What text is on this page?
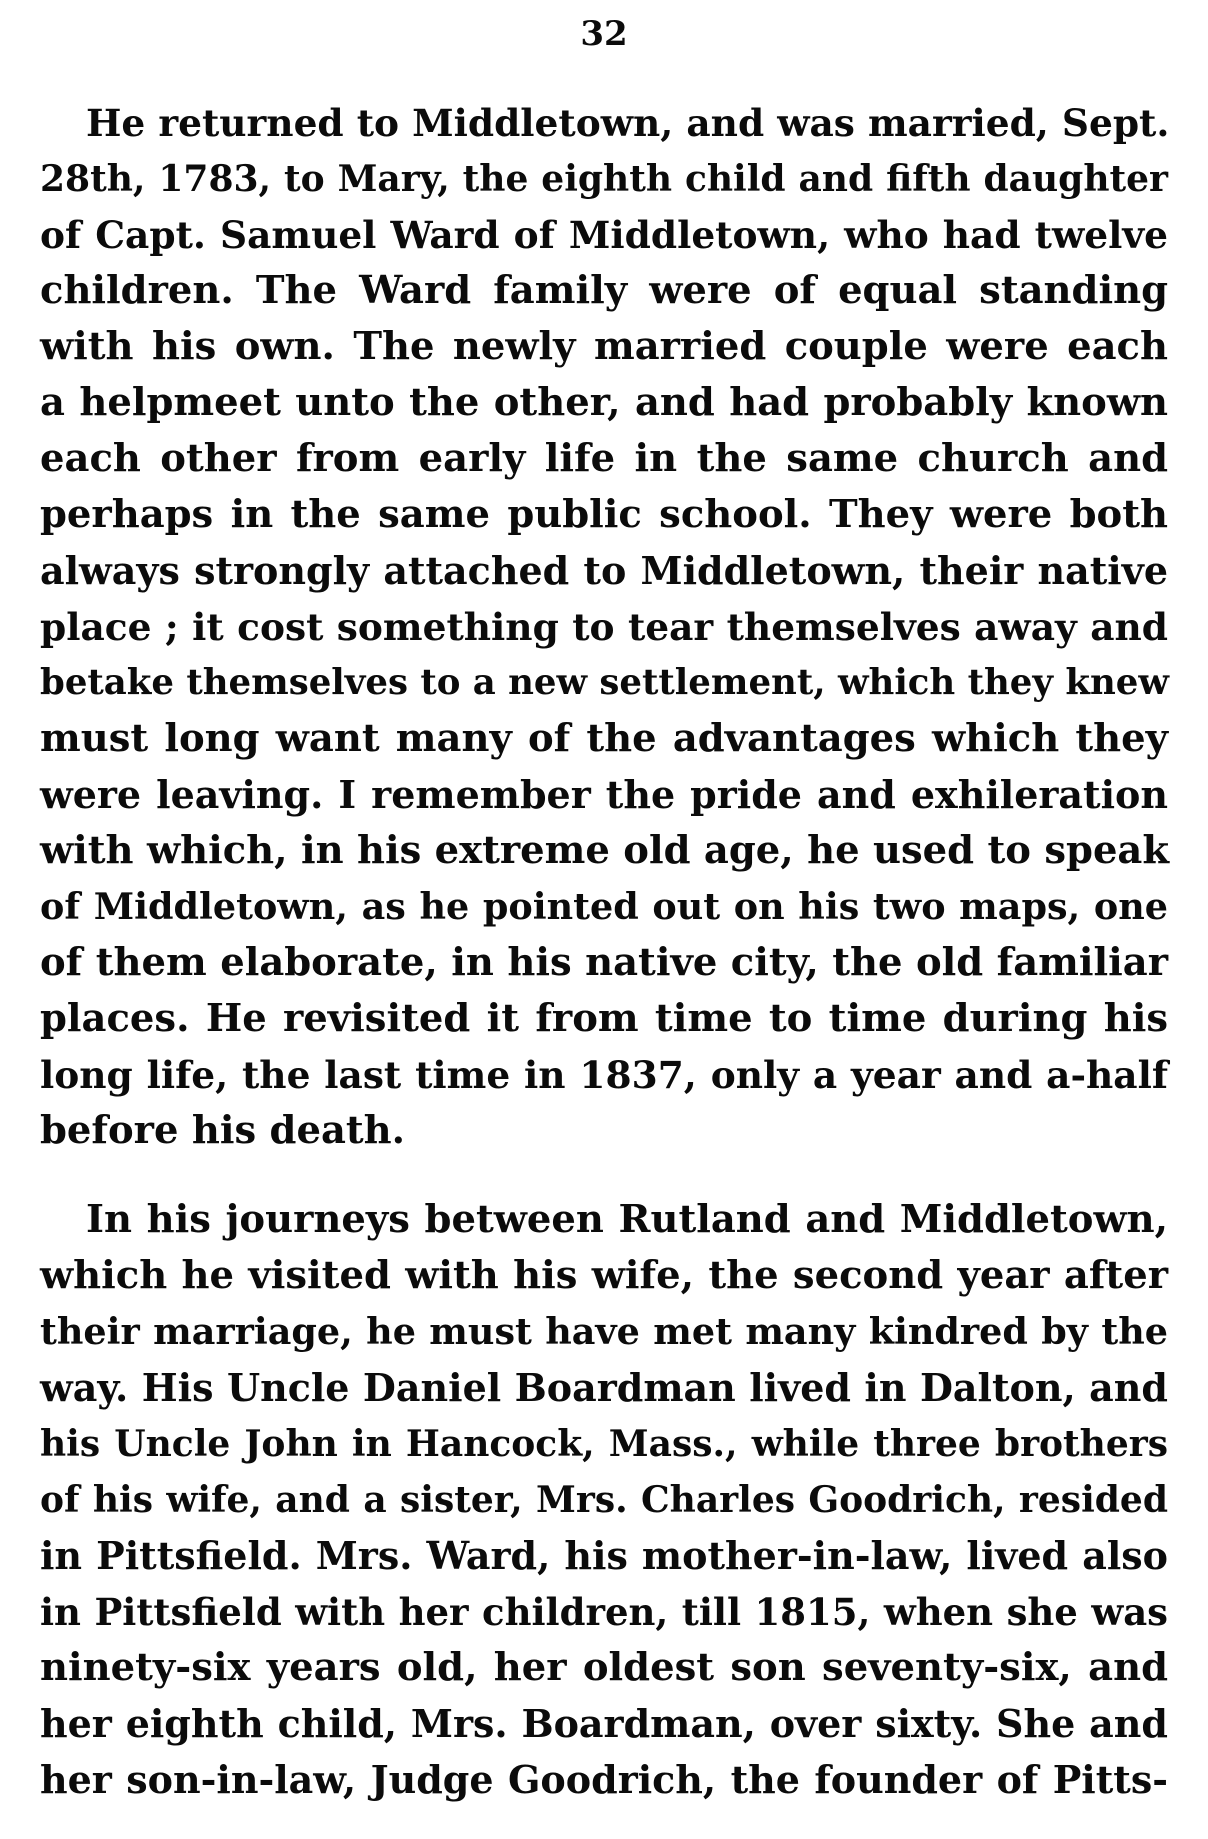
32
He returned to Middletown, and was married, Sept.
28th, 1783, to Mary, the eighth child and fifth daughter
of Capt. Samuel Ward of Middletown, who had twelve
children. The Ward family were of equal standing
with his own. The newly married couple were each
a helpmeet unto the other, and had probably known
each other from early life in the same church and
perhaps in the same public school. They were both
always strongly attached to Middletown, their native
place ; it cost something to tear themselves away and
betake themselves to a new settlement, which they knew
must long want many of the advantages which they
were leaving. I remember the pride and exhileration
with which, in his extreme old age, he used to speak
of Middletown, as he pointed out on his two maps, one
of them elaborate, in his native city, the old familiar
places. He revisited it from time to time during his
long life, the last time in 1837, only a year and a-half
before his death.
In his journeys between Rutland and Middletown,
which he visited with his wife, the second year after
their marriage, he must have met many kindred by the
way. His Uncle Daniel Boardman lived in Dalton, and
his Uncle John in Hancock, Mass., while three brothers
of his wife, and a sister, Mrs. Charles Goodrich, resided
in Pittsfield. Mrs. Ward, his mother-in-law, lived also
in Pittsfield with her children, till 1815, when she was
ninety-six years old, her oldest son seventy-six, and
her eighth child, Mrs. Boardman, over sixty. She and
her son-in-law, Judge Goodrich, the founder of Pitts-
